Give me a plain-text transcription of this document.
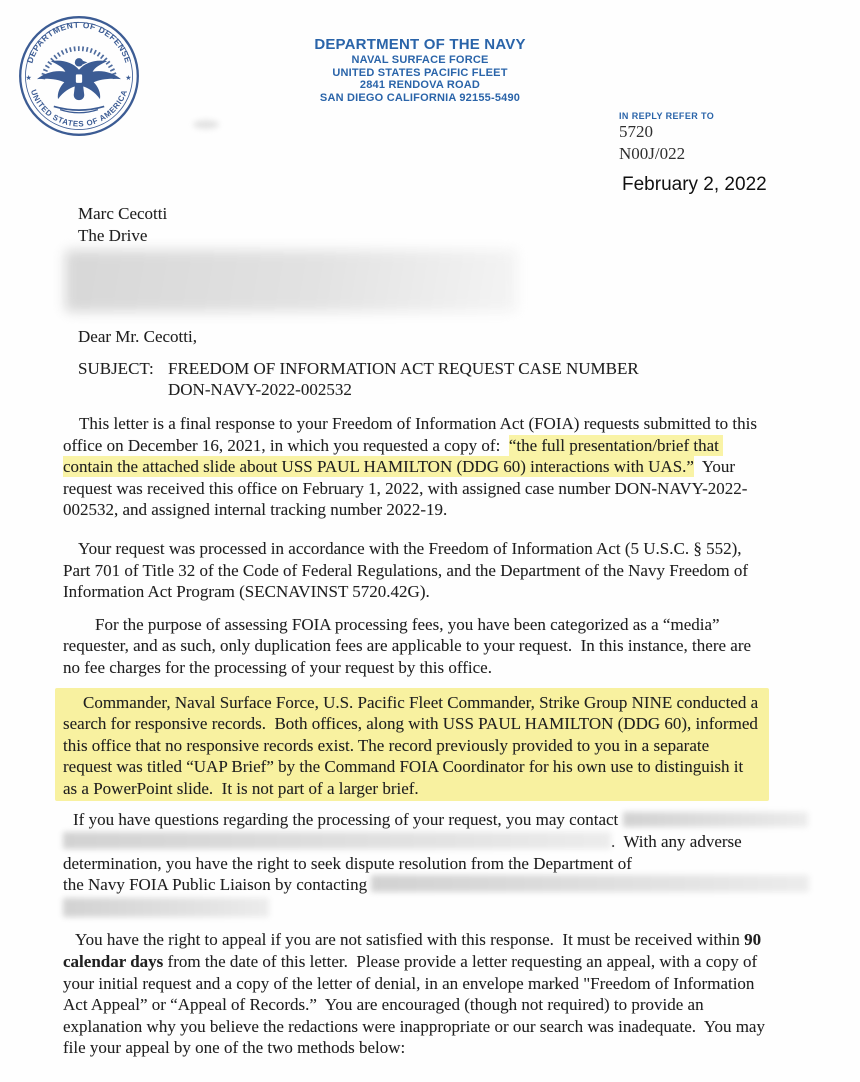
DEPARTMENT OF DEFENSE
UNITED STATES OF AMERICA
★	★
DEPARTMENT OF THE NAVY
NAVAL SURFACE FORCE
UNITED STATES PACIFIC FLEET
2841 RENDOVA ROAD
SAN DIEGO CALIFORNIA 92155-5490
IN REPLY REFER TO
5720
N00J/022
February 2, 2022
Marc Cecotti
The Drive
Dear Mr. Cecotti,
SUBJECT: FREEDOM OF INFORMATION ACT REQUEST CASE NUMBER
DON-NAVY-2022-002532

This letter is a final response to your Freedom of Information Act (FOIA) requests submitted to this office on December 16, 2021, in which you requested a copy of:  “the full presentation/brief that contain the attached slide about USS PAUL HAMILTON (DDG 60) interactions with UAS.”  Your request was received this office on February 1, 2022, with assigned case number DON-NAVY-2022-002532, and assigned internal tracking number 2022-19.

Your request was processed in accordance with the Freedom of Information Act (5 U.S.C. § 552), Part 701 of Title 32 of the Code of Federal Regulations, and the Department of the Navy Freedom of Information Act Program (SECNAVINST 5720.42G).

For the purpose of assessing FOIA processing fees, you have been categorized as a “media” requester, and as such, only duplication fees are applicable to your request.  In this instance, there are no fee charges for the processing of your request by this office.

Commander, Naval Surface Force, U.S. Pacific Fleet Commander, Strike Group NINE conducted a search for responsive records.  Both offices, along with USS PAUL HAMILTON (DDG 60), informed this office that no responsive records exist. The record previously provided to you in a separate request was titled “UAP Brief” by the Command FOIA Coordinator for his own use to distinguish it as a PowerPoint slide.  It is not part of a larger brief.

If you have questions regarding the processing of your request, you may contact
.  With any adverse
determination, you have the right to seek dispute resolution from the Department of
the Navy FOIA Public Liaison by contacting

You have the right to appeal if you are not satisfied with this response.  It must be received within 90 calendar days from the date of this letter.  Please provide a letter requesting an appeal, with a copy of your initial request and a copy of the letter of denial, in an envelope marked "Freedom of Information Act Appeal” or “Appeal of Records.”  You are encouraged (though not required) to provide an explanation why you believe the redactions were inappropriate or our search was inadequate.  You may file your appeal by one of the two methods below:
